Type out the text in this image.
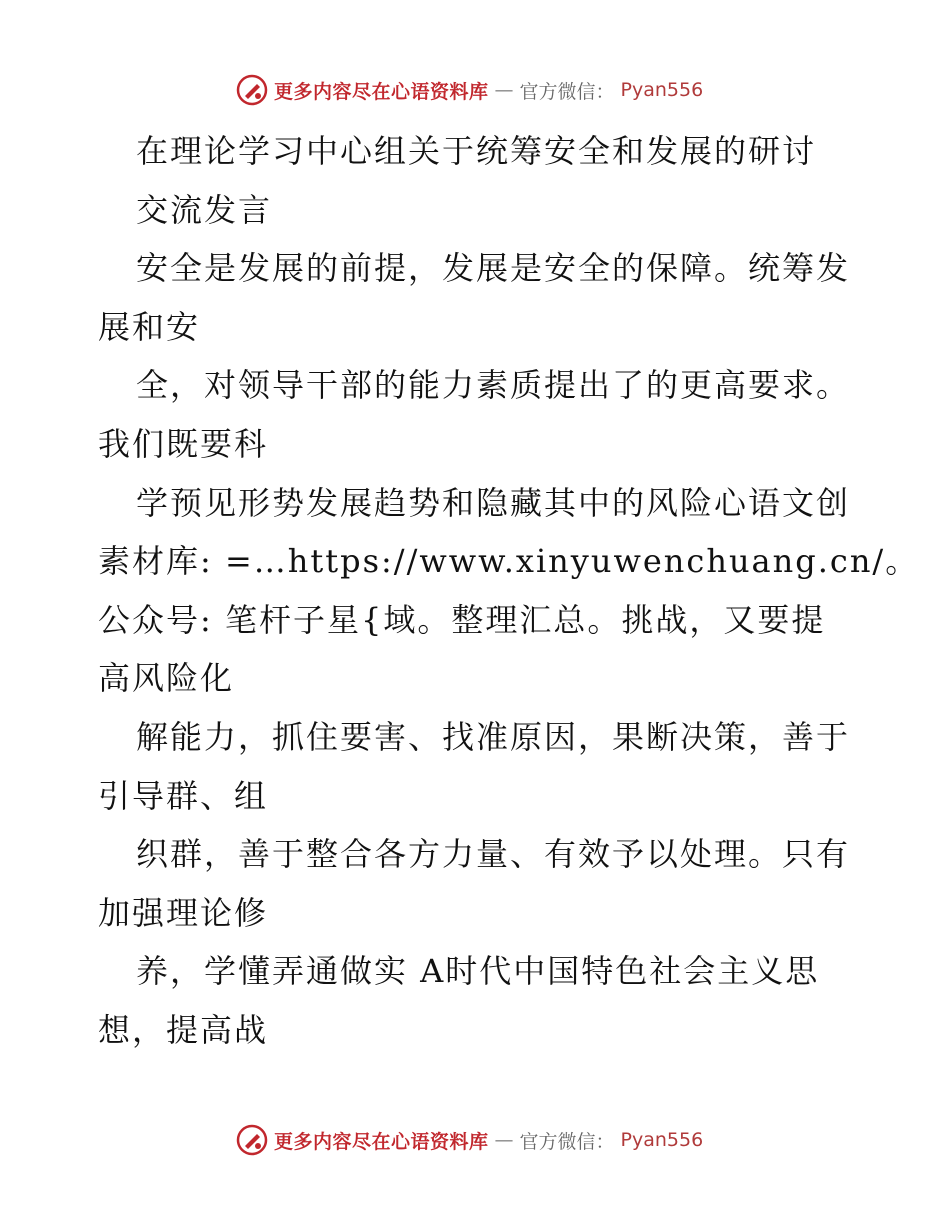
更多内容尽在心语资料库 — 官方微信： Pyan556
在理论学习中心组关于统筹安全和发展的研讨
交流发言
安全是发展的前提，发展是安全的保障。统筹发
展和安
全，对领导干部的能力素质提出了的更高要求。
我们既要科
学预见形势发展趋势和隐藏其中的风险心语文创
素材库: =…https://www.xinyuwenchuang.cn/。
公众号: 笔杆子星{域。整理汇总。挑战，又要提
高风险化
解能力，抓住要害、找准原因，果断决策，善于
引导群、组
织群，善于整合各方力量、有效予以处理。只有
加强理论修
养，学懂弄通做实 A时代中国特色社会主义思
想，提高战
更多内容尽在心语资料库 — 官方微信： Pyan556
